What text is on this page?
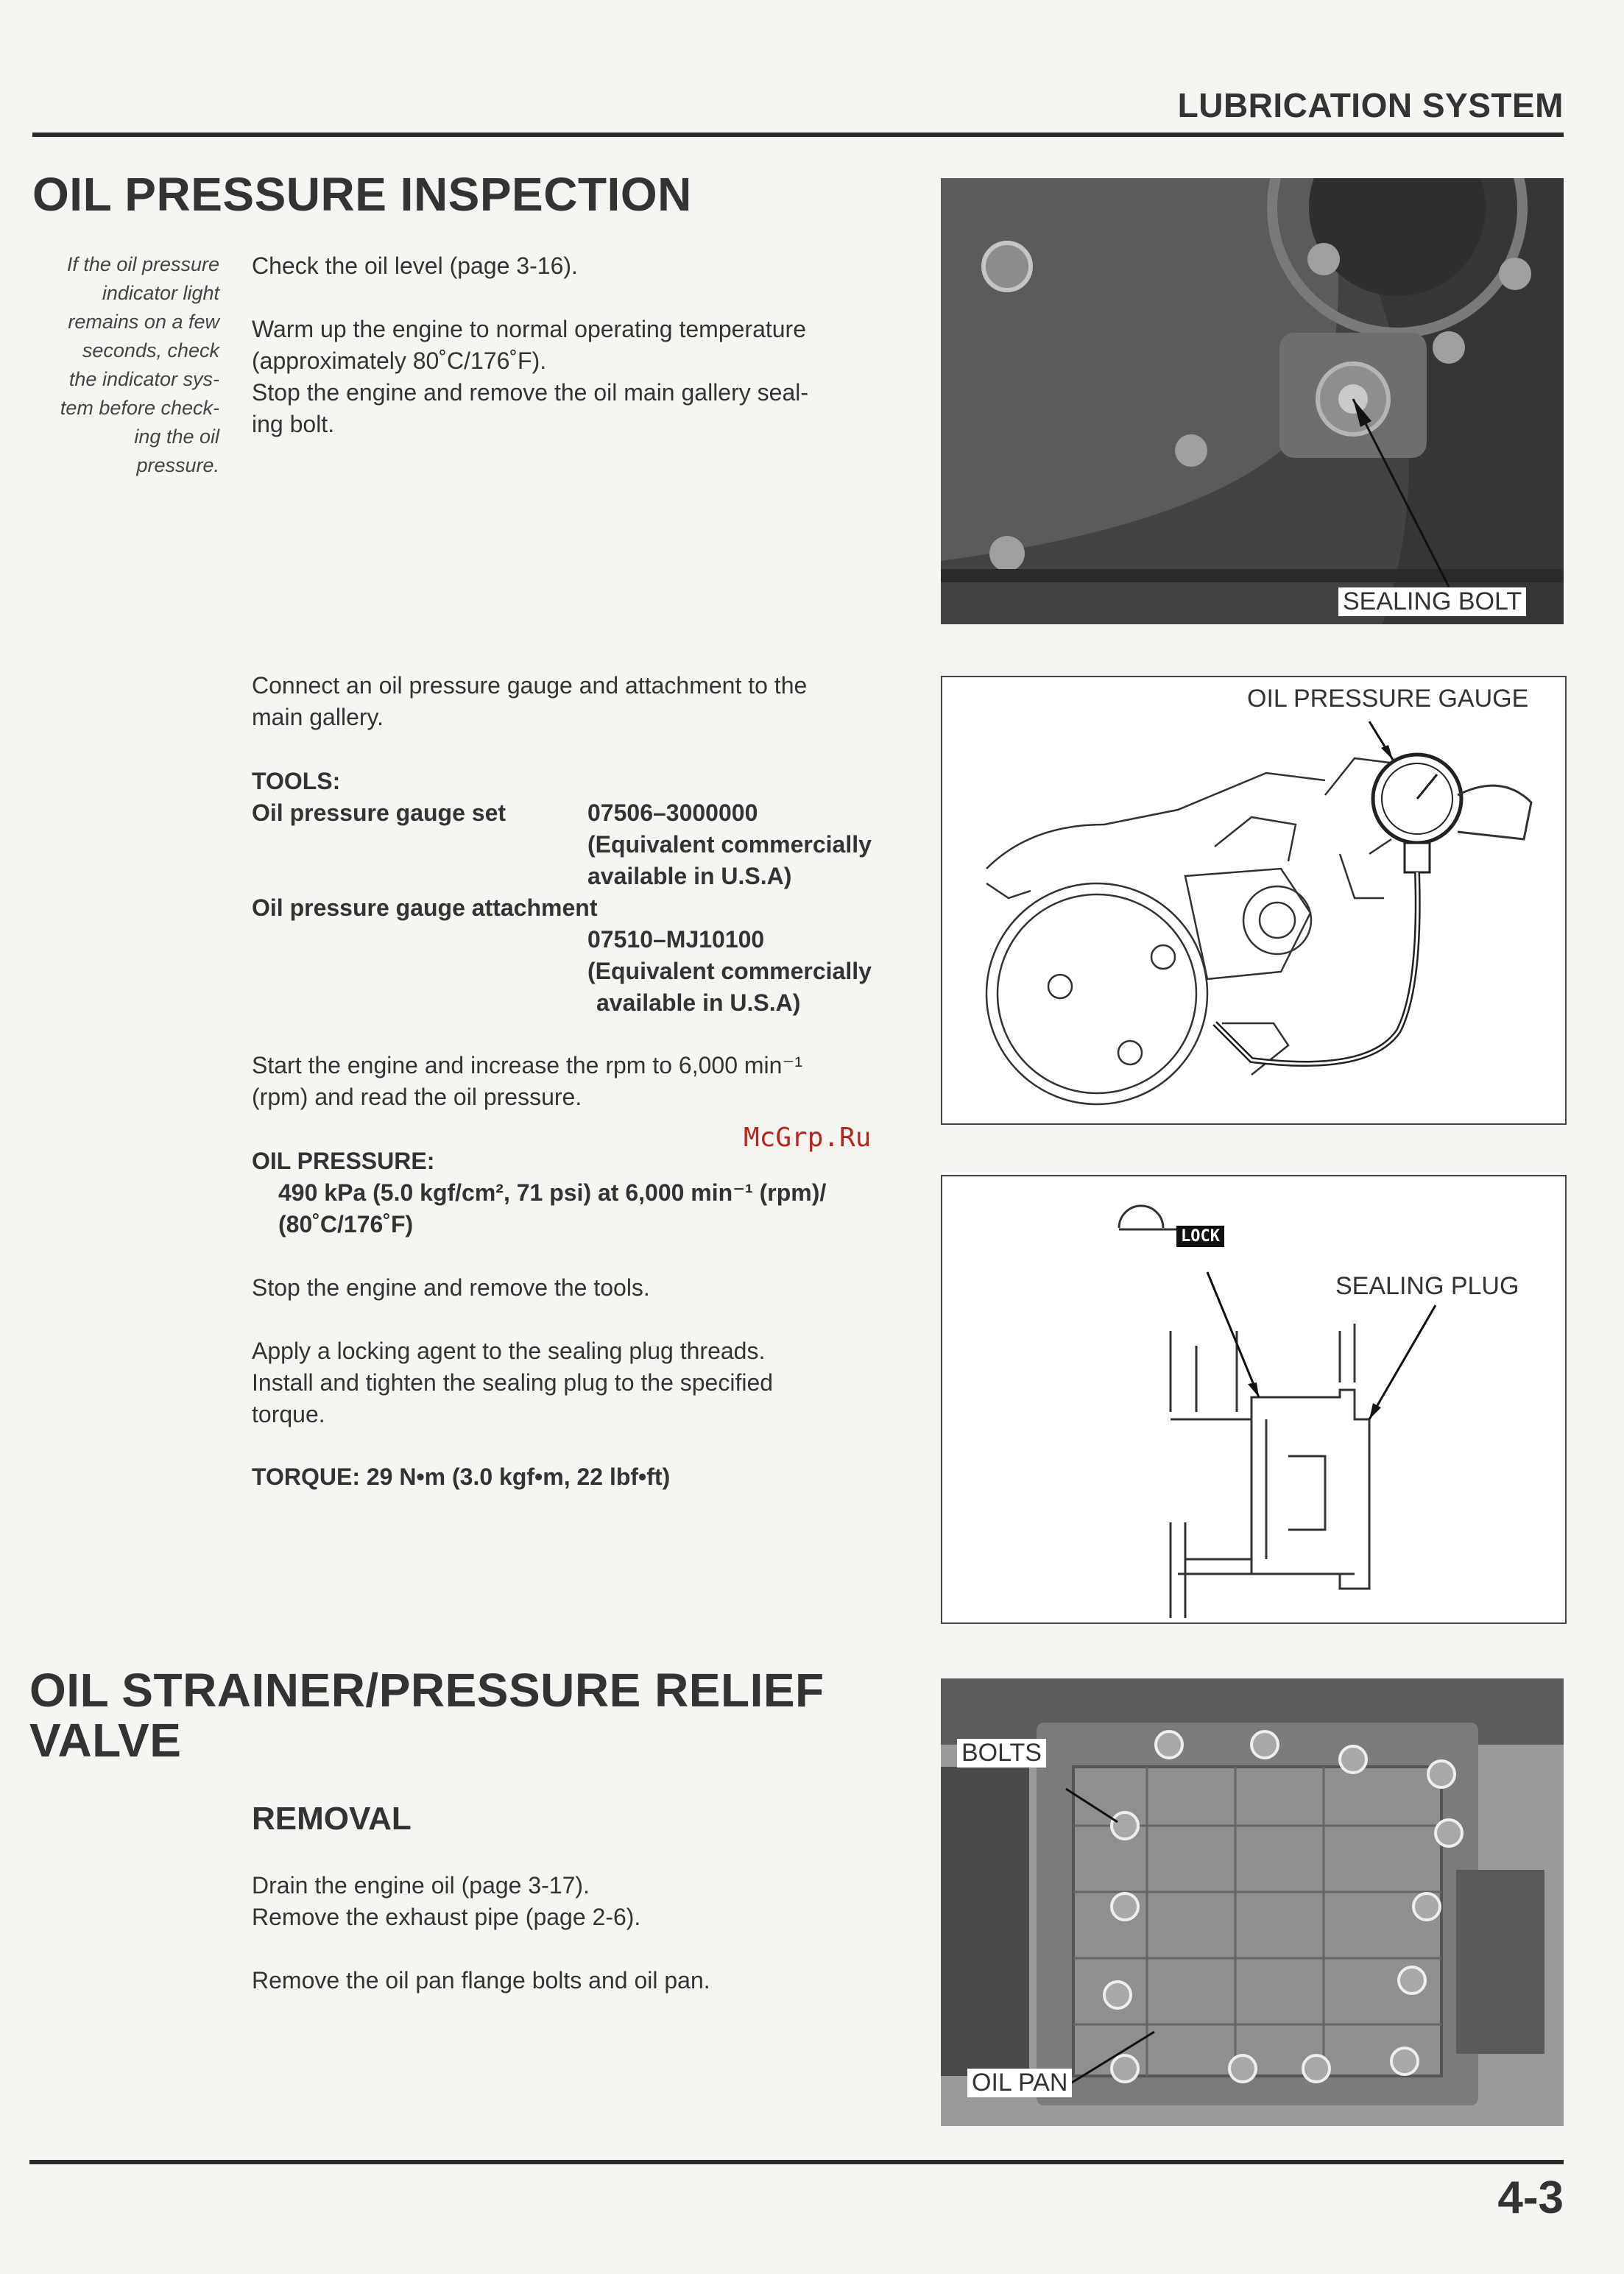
LUBRICATION SYSTEM
OIL PRESSURE INSPECTION
If the oil pressure
indicator light
remains on a few
seconds, check
the indicator sys-
tem before check-
ing the oil
pressure.
Check the oil level (page 3-16).
Warm up the engine to normal operating temperature
(approximately 80˚C/176˚F).
Stop the engine and remove the oil main gallery seal-
ing bolt.
Connect an oil pressure gauge and attachment to the
main gallery.
TOOLS:
Oil pressure gauge set	07506–3000000
(Equivalent commercially
available in U.S.A)
Oil pressure gauge attachment
07510–MJ10100
(Equivalent commercially
available in U.S.A)
Start the engine and increase the rpm to 6,000 min⁻¹
(rpm) and read the oil pressure.
OIL PRESSURE:
490 kPa (5.0 kgf/cm², 71 psi) at 6,000 min⁻¹ (rpm)/
(80˚C/176˚F)
Stop the engine and remove the tools.
Apply a locking agent to the sealing plug threads.
Install and tighten the sealing plug to the specified
torque.
TORQUE: 29 N•m (3.0 kgf•m, 22 lbf•ft)
McGrp.Ru
SEALING BOLT
OIL PRESSURE GAUGE
LOCK
SEALING PLUG
OIL STRAINER/PRESSURE RELIEF
VALVE
REMOVAL
Drain the engine oil (page 3-17).
Remove the exhaust pipe (page 2-6).
Remove the oil pan flange bolts and oil pan.
BOLTS
OIL PAN
4-3
